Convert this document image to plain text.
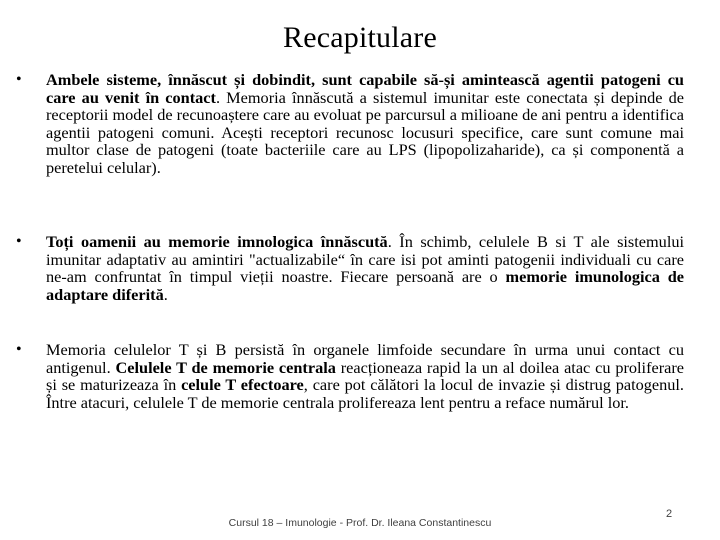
Recapitulare
• Ambele sisteme, înnăscut și dobindit, sunt capabile să-și amintească agentii patogeni cu care au venit în contact. Memoria înnăscută a sistemul imunitar este conectata și depinde de receptorii model de recunoaștere care au evoluat pe parcursul a milioane de ani pentru a identifica agentii patogeni comuni. Acești receptori recunosc locusuri specifice, care sunt comune mai multor clase de patogeni (toate bacteriile care au LPS (lipopolizaharide), ca și componentă a peretelui celular).
• Toți oamenii au memorie imnologica înnăscută. În schimb, celulele B si T ale sistemului imunitar adaptativ au amintiri "actualizabile“ în care isi pot aminti patogenii individuali cu care ne-am confruntat în timpul vieții noastre. Fiecare persoană are o memorie imunologica de adaptare diferită.
• Memoria celulelor T și B persistă în organele limfoide secundare în urma unui contact cu antigenul. Celulele T de memorie centrala reacționeaza rapid la un al doilea atac cu proliferare și se maturizeaza în celule T efectoare, care pot călători la locul de invazie și distrug patogenul. Între atacuri, celulele T de memorie centrala prolifereaza lent pentru a reface numărul lor.
Cursul 18 – Imunologie - Prof. Dr. Ileana Constantinescu
2
